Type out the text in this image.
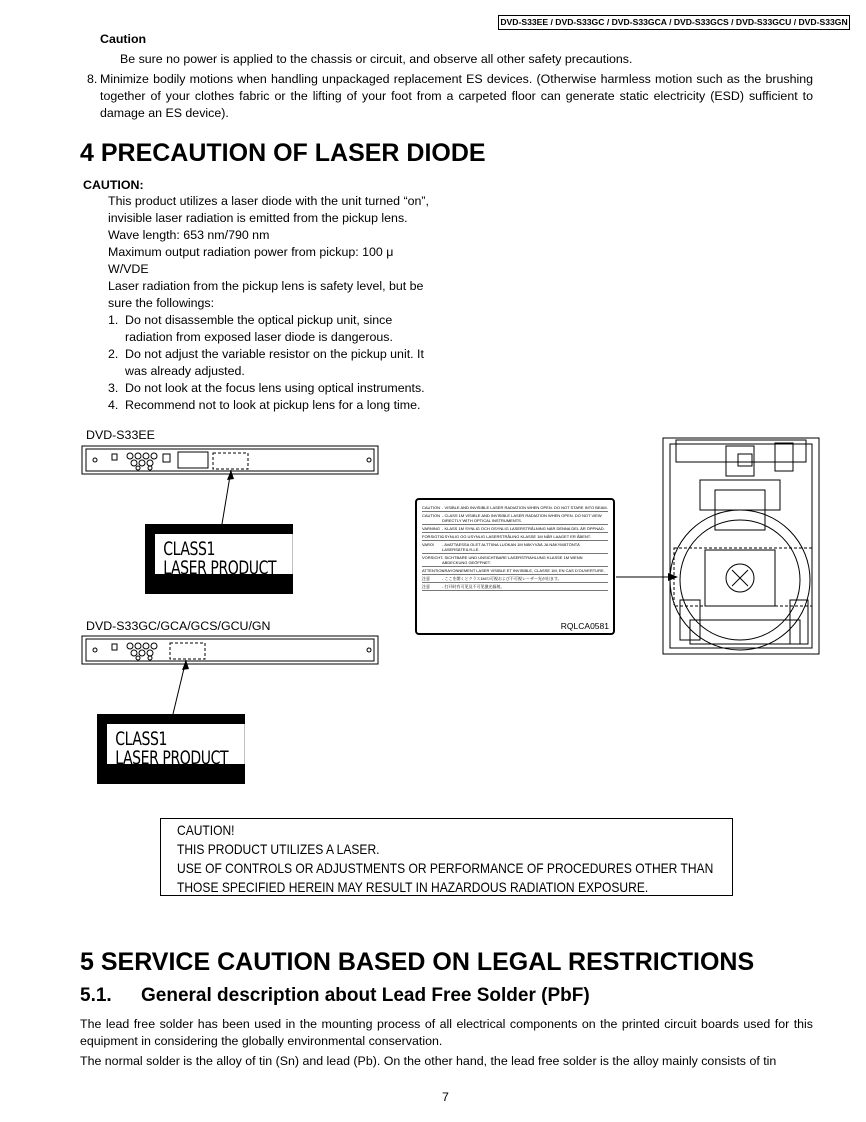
DVD-S33EE / DVD-S33GC / DVD-S33GCA / DVD-S33GCS / DVD-S33GCU / DVD-S33GN
Caution
Be sure no power is applied to the chassis or circuit, and observe all other safety precautions.
8. Minimize bodily motions when handling unpackaged replacement ES devices. (Otherwise harmless motion such as the brushing together of your clothes fabric or the lifting of your foot from a carpeted floor can generate static electricity (ESD) sufficient to damage an ES device).
4 PRECAUTION OF LASER DIODE
CAUTION:
This product utilizes a laser diode with the unit turned “on”,
invisible laser radiation is emitted from the pickup lens.
Wave length: 653 nm/790 nm
Maximum output radiation power from pickup: 100 μ
W/VDE
Laser radiation from the pickup lens is safety level, but be
sure the followings:
1. Do not disassemble the optical pickup unit, since
radiation from exposed laser diode is dangerous.
2. Do not adjust the variable resistor on the pickup unit. It
was already adjusted.
3. Do not look at the focus lens using optical instruments.
4. Recommend not to look at pickup lens for a long time.
DVD-S33EE
DVD-S33GC/GCA/GCS/GCU/GN
CLASS1
LASER PRODUCT
CLASS1
LASER PRODUCT
CAUTION - VISIBLE AND INVISIBLE LASER RADIATION WHEN OPEN. DO NOT STARE INTO BEAM.
CAUTION - CLASS 1M VISIBLE AND INVISIBLE LASER RADIATION WHEN OPEN. DO NOT VIEW DIRECTLY WITH OPTICAL INSTRUMENTS.
VARNING - KLASS 1M SYNLIG OCH OSYNLIG LASERSTRÅLNING NÄR DENNA DEL ÄR ÖPPNAD.
FORSIGTIG
- SYNLIG OG USYNLIG LASERSTRÅLING KLASSE 1M NÅR LAAGET ER ÅBENT.
VARO!	- AVATTAESSA OLET ALTTIINA LUOKAN 1M NÄKYVÄÄ JA NÄKYMÄTÖNTÄ LASERSÄTEILYLLE.
VORSICHT - SICHTBARE UND UNSICHTBARE LASERSTRAHLUNG KLASSE 1M WENN ABDECKUNG GEÖFFNET.
ATTENTION
- RAYONNEMENT LASER VISIBLE ET INVISIBLE, CLASSE 1M, EN CAS D'OUVERTURE.
注意	- ここを開くとクラス1Mの可視および不可視レーザー光が出ます。
注意	- 打开时有可见及不可见激光辐射。
RQLCA0581
CAUTION!
THIS PRODUCT UTILIZES A LASER.
USE OF CONTROLS OR ADJUSTMENTS OR PERFORMANCE OF PROCEDURES OTHER THAN
THOSE SPECIFIED HEREIN MAY RESULT IN HAZARDOUS RADIATION EXPOSURE.
5 SERVICE CAUTION BASED ON LEGAL RESTRICTIONS
5.1. General description about Lead Free Solder (PbF)
The lead free solder has been used in the mounting process of all electrical components on the printed circuit boards used for this equipment in considering the globally environmental conservation.
The normal solder is the alloy of tin (Sn) and lead (Pb). On the other hand, the lead free solder is the alloy mainly consists of tin
7
